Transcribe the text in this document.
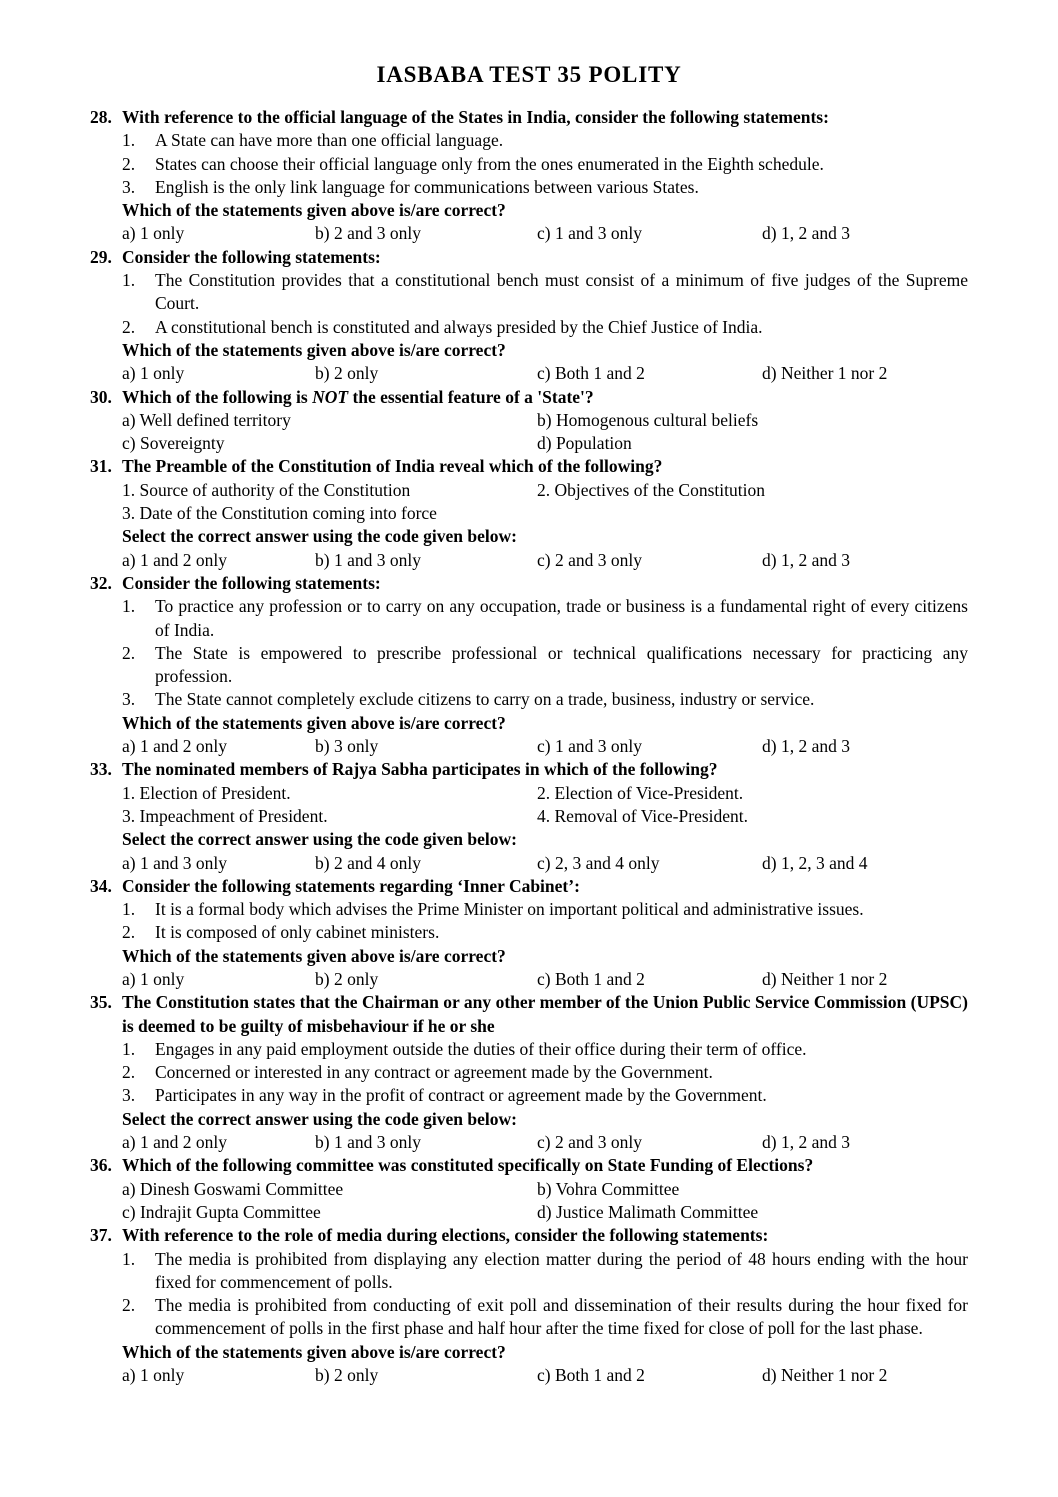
IASBABA TEST 35 POLITY
28. With reference to the official language of the States in India, consider the following statements:
1.	A State can have more than one official language.
2.	States can choose their official language only from the ones enumerated in the Eighth schedule.
3.	English is the only link language for communications between various States.
Which of the statements given above is/are correct?
a) 1 only	b) 2 and 3 only	c) 1 and 3 only	d) 1, 2 and 3
29. Consider the following statements:
1.	The Constitution provides that a constitutional bench must consist of a minimum of five judges of the Supreme Court.
2.	A constitutional bench is constituted and always presided by the Chief Justice of India.
Which of the statements given above is/are correct?
a) 1 only	b) 2 only	c) Both 1 and 2	d) Neither 1 nor 2
30. Which of the following is NOT the essential feature of a 'State'?
a) Well defined territory	b) Homogenous cultural beliefs
c) Sovereignty	d) Population
31. The Preamble of the Constitution of India reveal which of the following?
1. Source of authority of the Constitution	2. Objectives of the Constitution
3. Date of the Constitution coming into force
Select the correct answer using the code given below:
a) 1 and 2 only	b) 1 and 3 only	c) 2 and 3 only	d) 1, 2 and 3
32. Consider the following statements:
1.	To practice any profession or to carry on any occupation, trade or business is a fundamental right of every citizens of India.
2.	The State is empowered to prescribe professional or technical qualifications necessary for practicing any profession.
3.	The State cannot completely exclude citizens to carry on a trade, business, industry or service.
Which of the statements given above is/are correct?
a) 1 and 2 only	b) 3 only	c) 1 and 3 only	d) 1, 2 and 3
33. The nominated members of Rajya Sabha participates in which of the following?
1. Election of President.	2. Election of Vice-President.
3. Impeachment of President.	4. Removal of Vice-President.
Select the correct answer using the code given below:
a) 1 and 3 only	b) 2 and 4 only	c) 2, 3 and 4 only	d) 1, 2, 3 and 4
34. Consider the following statements regarding ‘Inner Cabinet’:
1.	It is a formal body which advises the Prime Minister on important political and administrative issues.
2.	It is composed of only cabinet ministers.
Which of the statements given above is/are correct?
a) 1 only	b) 2 only	c) Both 1 and 2	d) Neither 1 nor 2
35. The Constitution states that the Chairman or any other member of the Union Public Service Commission (UPSC) is deemed to be guilty of misbehaviour if he or she
1.	Engages in any paid employment outside the duties of their office during their term of office.
2.	Concerned or interested in any contract or agreement made by the Government.
3.	Participates in any way in the profit of contract or agreement made by the Government.
Select the correct answer using the code given below:
a) 1 and 2 only	b) 1 and 3 only	c) 2 and 3 only	d) 1, 2 and 3
36. Which of the following committee was constituted specifically on State Funding of Elections?
a) Dinesh Goswami Committee	b) Vohra Committee
c) Indrajit Gupta Committee	d) Justice Malimath Committee
37. With reference to the role of media during elections, consider the following statements:
1.	The media is prohibited from displaying any election matter during the period of 48 hours ending with the hour fixed for commencement of polls.
2.	The media is prohibited from conducting of exit poll and dissemination of their results during the hour fixed for commencement of polls in the first phase and half hour after the time fixed for close of poll for the last phase.
Which of the statements given above is/are correct?
a) 1 only	b) 2 only	c) Both 1 and 2	d) Neither 1 nor 2
